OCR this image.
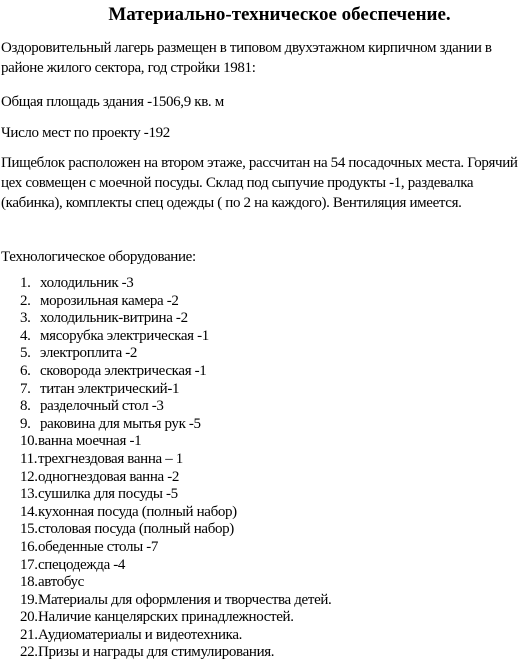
Материально-техническое обеспечение.

Оздоровительный лагерь размещен в типовом двухэтажном кирпичном здании в районе жилого сектора, год стройки 1981:

Общая площадь здания -1506,9 кв. м

Число мест по проекту -192

Пищеблок расположен на втором этаже, рассчитан на 54 посадочных места. Горячий цех совмещен с моечной посуды. Склад под сыпучие продукты -1, раздевалка (кабинка), комплекты спец одежды ( по 2 на каждого). Вентиляция имеется.

Технологическое оборудование:

1. холодильник -3
2. морозильная камера -2
3. холодильник-витрина -2
4. мясорубка электрическая -1
5. электроплита -2
6. сковорода электрическая -1
7. титан электрический-1
8. разделочный стол -3
9. раковина для мытья рук -5
10. ванна моечная -1
11. трехгнездовая ванна – 1
12. одногнездовая ванна -2
13. сушилка для посуды -5
14. кухонная посуда (полный набор)
15. столовая посуда (полный набор)
16. обеденные столы -7
17. спецодежда -4
18. автобус
19. Материалы для оформления и творчества детей.
20. Наличие канцелярских принадлежностей.
21. Аудиоматериалы и видеотехника.
22. Призы и награды для стимулирования.
